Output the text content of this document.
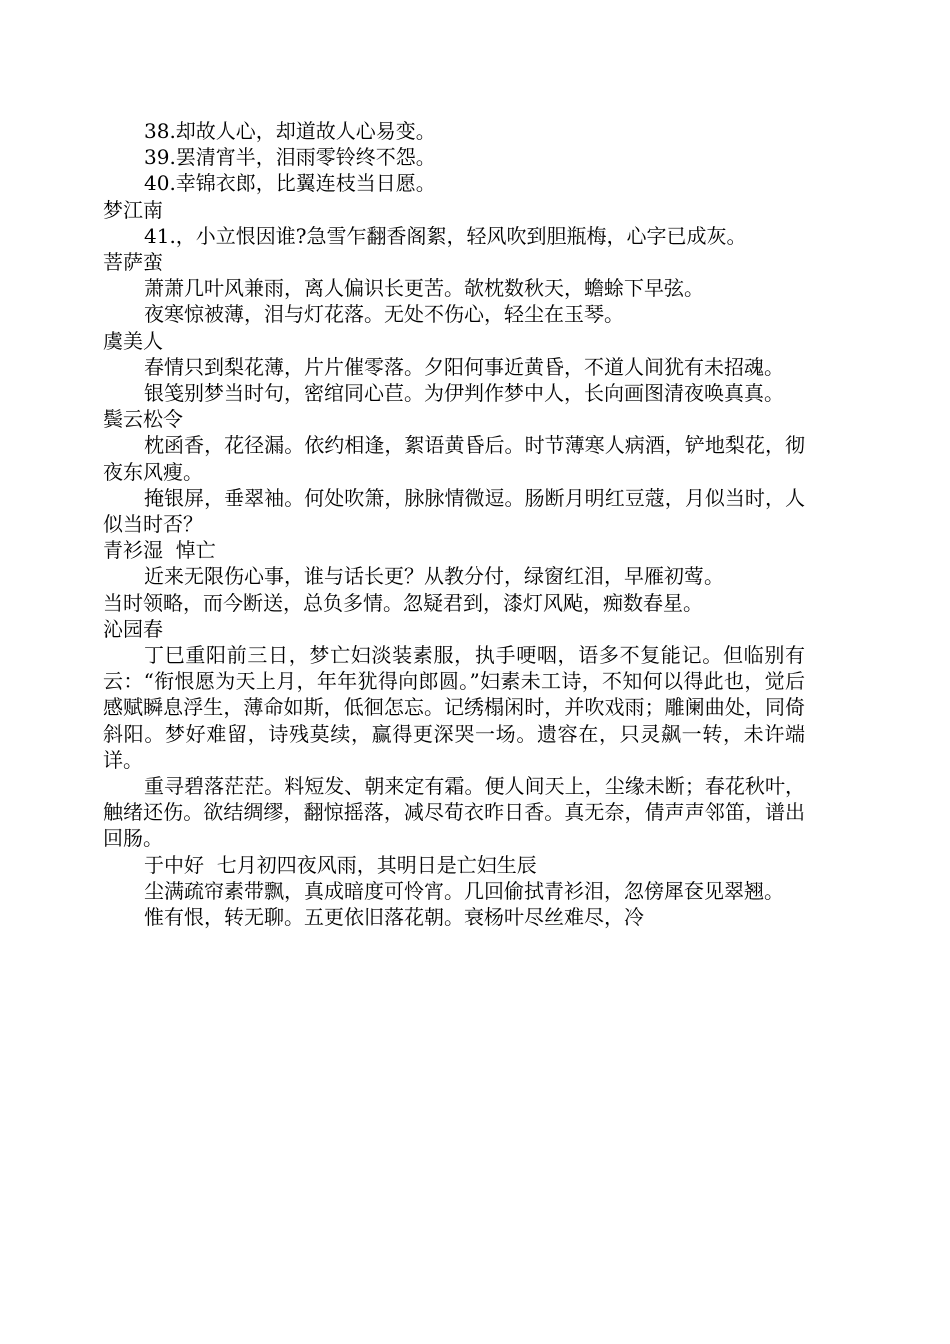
38.却故人心，却道故人心易变。
39.罢清宵半，泪雨零铃终不怨。
40.幸锦衣郎，比翼连枝当日愿。
梦江南
41.，小立恨因谁?急雪乍翻香阁絮，轻风吹到胆瓶梅，心字已成灰。
菩萨蛮
萧萧几叶风兼雨，离人偏识长更苦。欹枕数秋天，蟾蜍下早弦。
夜寒惊被薄，泪与灯花落。无处不伤心，轻尘在玉琴。
虞美人
春情只到梨花薄，片片催零落。夕阳何事近黄昏，不道人间犹有未招魂。
银笺别梦当时句，密绾同心苣。为伊判作梦中人，长向画图清夜唤真真。
鬓云松令
枕函香，花径漏。依约相逢，絮语黄昏后。时节薄寒人病酒，铲地梨花，彻夜东风瘦。
掩银屏，垂翠袖。何处吹箫，脉脉情微逗。肠断月明红豆蔻，月似当时，人似当时否？
青衫湿  悼亡
近来无限伤心事，谁与话长更？从教分付，绿窗红泪，早雁初莺。
当时领略，而今断送，总负多情。忽疑君到，漆灯风飐，痴数春星。
沁园春
丁巳重阳前三日，梦亡妇淡装素服，执手哽咽，语多不复能记。但临别有云：“衔恨愿为天上月，年年犹得向郎圆。”妇素未工诗，不知何以得此也，觉后感赋瞬息浮生，薄命如斯，低徊怎忘。记绣榻闲时，并吹戏雨；雕阑曲处，同倚斜阳。梦好难留，诗残莫续，赢得更深哭一场。遗容在，只灵飙一转，未许端详。
重寻碧落茫茫。料短发、朝来定有霜。便人间天上，尘缘未断；春花秋叶，触绪还伤。欲结绸缪，翻惊摇落，减尽荀衣昨日香。真无奈，倩声声邻笛，谱出回肠。
于中好  七月初四夜风雨，其明日是亡妇生辰
尘满疏帘素带飘，真成暗度可怜宵。几回偷拭青衫泪，忽傍犀奁见翠翘。
惟有恨，转无聊。五更依旧落花朝。衰杨叶尽丝难尽，冷
